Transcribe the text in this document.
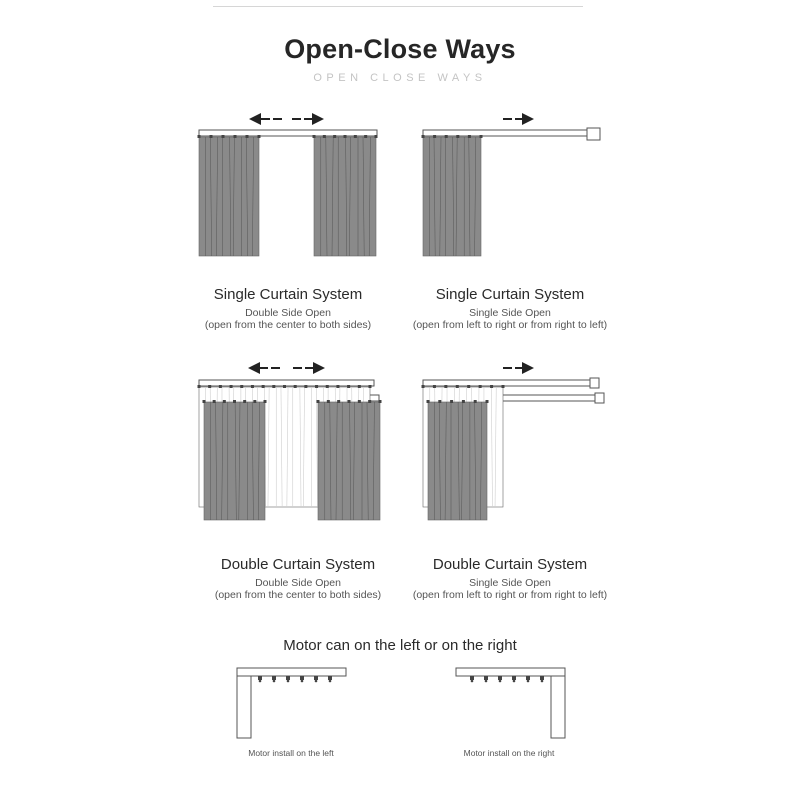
Open-Close Ways
OPEN CLOSE WAYS
Single Curtain System
Double Side Open
(open from the center to both sides)
Single Curtain System
Single Side Open
(open from left to right or from right to left)
Double Curtain System
Double Side Open
(open from the center to both sides)
Double Curtain System
Single Side Open
(open from left to right or from right to left)
Motor can on the left or on the right
Motor install on the left	Motor install on the right
